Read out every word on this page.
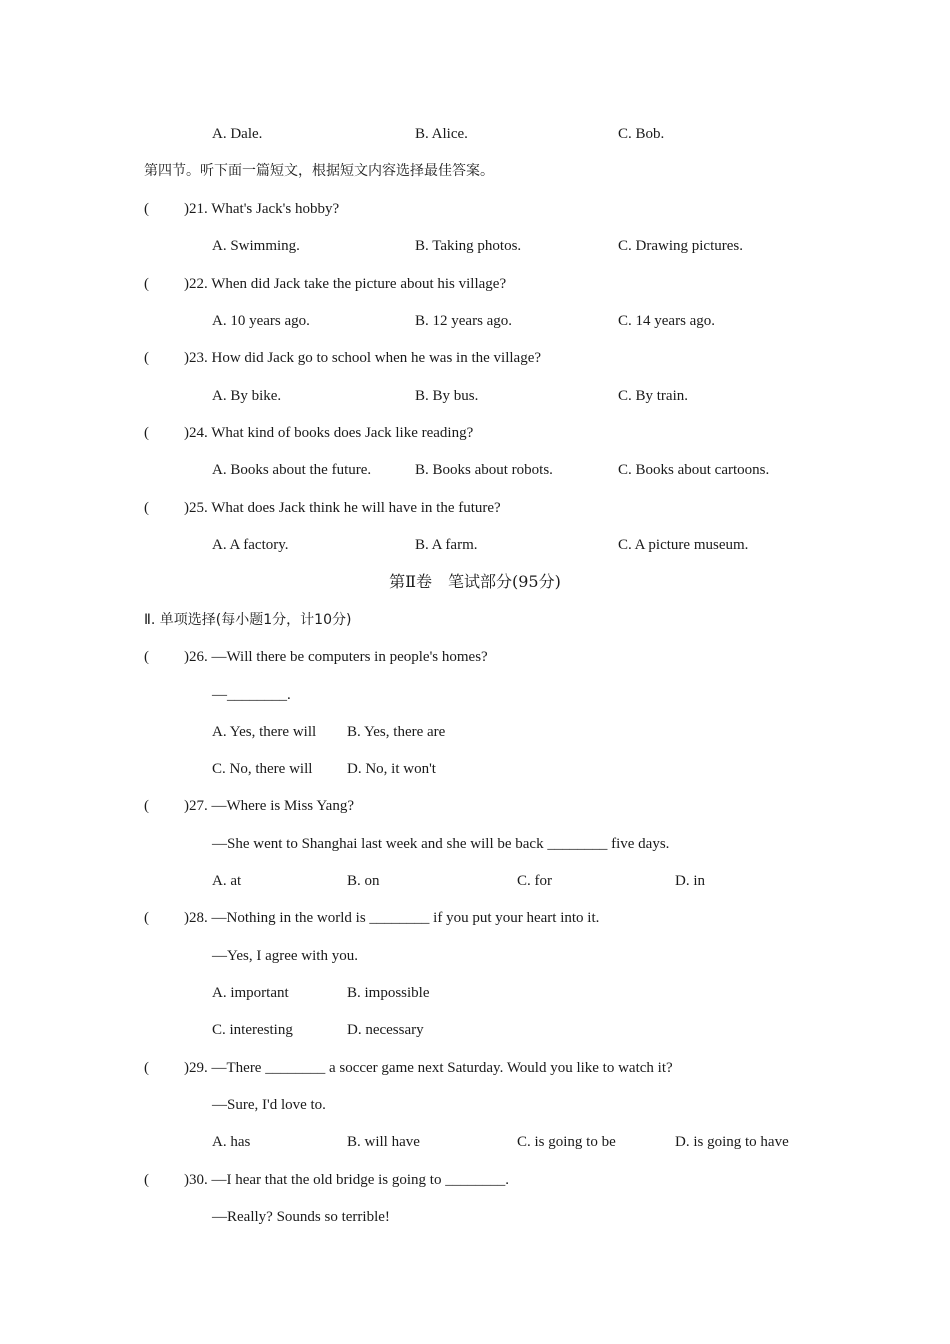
A. Dale.	B. Alice.	C. Bob.
第四节。听下面一篇短文，根据短文内容选择最佳答案。
( )21. What's Jack's hobby?
A. Swimming.	B. Taking photos.	C. Drawing pictures.
( )22. When did Jack take the picture about his village?
A. 10 years ago.	B. 12 years ago.	C. 14 years ago.
( )23. How did Jack go to school when he was in the village?
A. By bike.	B. By bus.	C. By train.
( )24. What kind of books does Jack like reading?
A. Books about the future.	B. Books about robots.	C. Books about cartoons.
( )25. What does Jack think he will have in the future?
A. A factory.	B. A farm.	C. A picture museum.
第Ⅱ卷　笔试部分(95分)
Ⅱ. 单项选择(每小题1分，计10分)
( )26. —Will there be computers in people's homes?
—________.
A. Yes, there will B. Yes, there are
C. No, there will D. No, it won't
( )27. —Where is Miss Yang?
—She went to Shanghai last week and she will be back ________ five days.
A. at	B. on	C. for	D. in
( )28. —Nothing in the world is ________ if you put your heart into it.
—Yes, I agree with you.
A. important	B. impossible
C. interesting	D. necessary
( )29. —There ________ a soccer game next Saturday. Would you like to watch it?
—Sure, I'd love to.
A. has	B. will have	C. is going to be	D. is going to have
( )30. —I hear that the old bridge is going to ________.
—Really? Sounds so terrible!
